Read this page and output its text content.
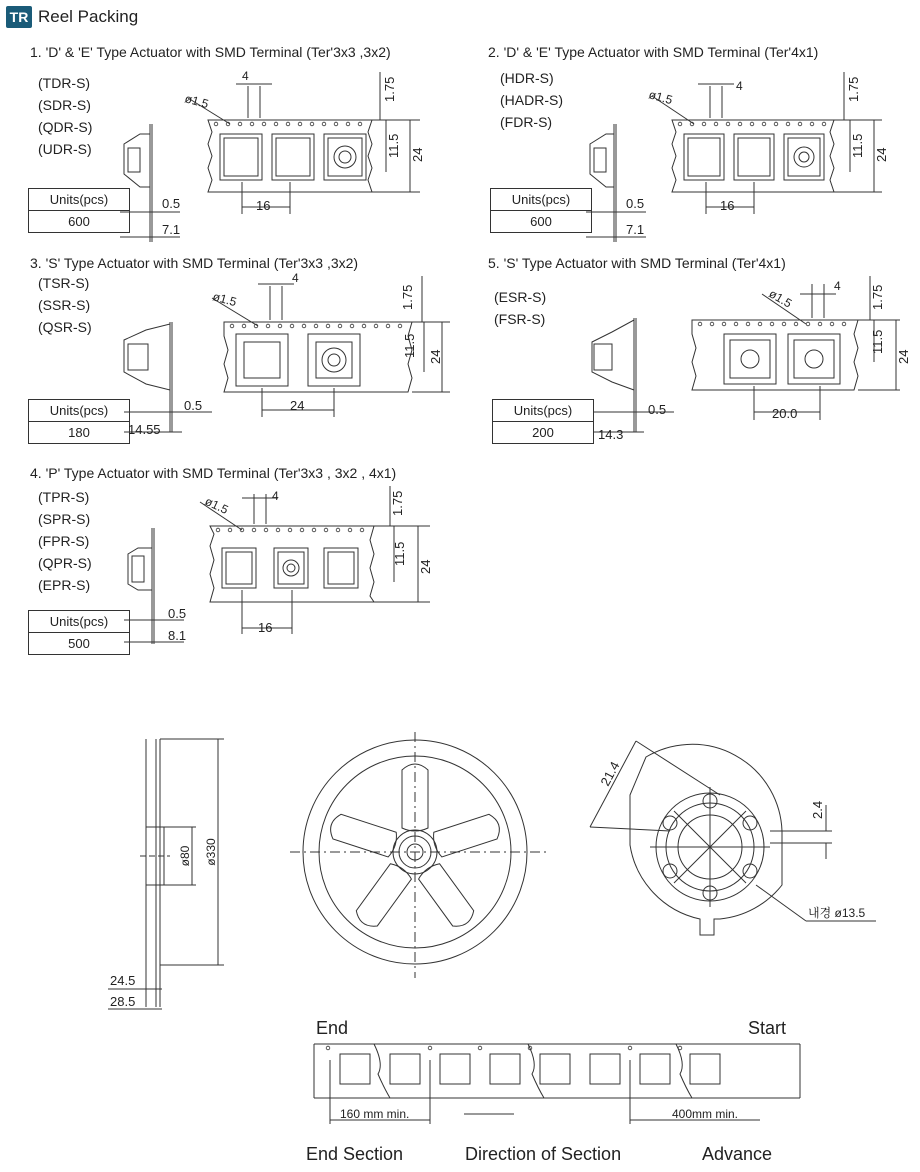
TR Reel Packing
1. 'D' & 'E' Type Actuator with SMD Terminal (Ter'3x3 ,3x2)
(TDR-S)
(SDR-S)
(QDR-S)
(UDR-S)
Units(pcs)
600
ø1.5
4
1.75
11.5 24
0.5
7.1
16
2. 'D' & 'E' Type Actuator with SMD Terminal (Ter'4x1)
(HDR-S)
(HADR-S)
(FDR-S)
Units(pcs)
600
ø1.5
4	1.75
11.5 24
0.5
7.1
16
3. 'S' Type Actuator with SMD Terminal (Ter'3x3 ,3x2)
(TSR-S)
(SSR-S)
(QSR-S)
Units(pcs)
180
ø1.5
4
1.75
11.5 24
0.5
14.55
24
5. 'S' Type Actuator with SMD Terminal (Ter'4x1)
(ESR-S)
(FSR-S)
Units(pcs)
200
ø1.5
4 1.75
11.5
24
0.5
14.3
20.0
4. 'P' Type Actuator with SMD Terminal (Ter'3x3 , 3x2 , 4x1)
(TPR-S)
(SPR-S)
(FPR-S)
(QPR-S)
(EPR-S)
Units(pcs)
500
ø1.5	4	1.75
11.5
24
0.5
8.1
16
ø80 ø330
24.5
28.5
21.4
2.4
내경 ø13.5
End	Start
160 mm min.	400mm min.
End Section	Direction of Section	Advance
